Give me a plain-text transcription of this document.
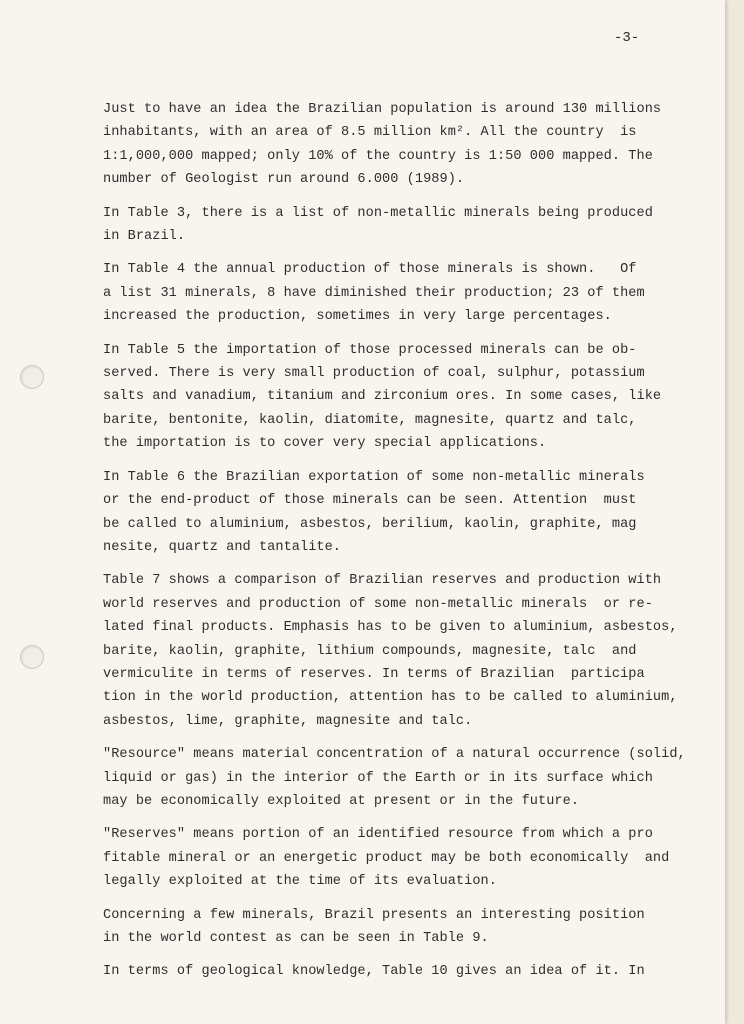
-3-

Just to have an idea the Brazilian population is around 130 millions
inhabitants, with an area of 8.5 million km². All the country  is
1:1,000,000 mapped; only 10% of the country is 1:50 000 mapped. The
number of Geologist run around 6.000 (1989).
In Table 3, there is a list of non-metallic minerals being produced
in Brazil.
In Table 4 the annual production of those minerals is shown.   Of
a list 31 minerals, 8 have diminished their production; 23 of them
increased the production, sometimes in very large percentages.
In Table 5 the importation of those processed minerals can be ob-
served. There is very small production of coal, sulphur, potassium
salts and vanadium, titanium and zirconium ores. In some cases, like
barite, bentonite, kaolin, diatomite, magnesite, quartz and talc,
the importation is to cover very special applications.
In Table 6 the Brazilian exportation of some non-metallic minerals
or the end-product of those minerals can be seen. Attention  must
be called to aluminium, asbestos, berilium, kaolin, graphite, mag
nesite, quartz and tantalite.
Table 7 shows a comparison of Brazilian reserves and production with
world reserves and production of some non-metallic minerals  or re-
lated final products. Emphasis has to be given to aluminium, asbestos,
barite, kaolin, graphite, lithium compounds, magnesite, talc  and
vermiculite in terms of reserves. In terms of Brazilian  participa
tion in the world production, attention has to be called to aluminium,
asbestos, lime, graphite, magnesite and talc.
"Resource" means material concentration of a natural occurrence (solid,
liquid or gas) in the interior of the Earth or in its surface which
may be economically exploited at present or in the future.
"Reserves" means portion of an identified resource from which a pro
fitable mineral or an energetic product may be both economically  and
legally exploited at the time of its evaluation.
Concerning a few minerals, Brazil presents an interesting position
in the world contest as can be seen in Table 9.
In terms of geological knowledge, Table 10 gives an idea of it. In
